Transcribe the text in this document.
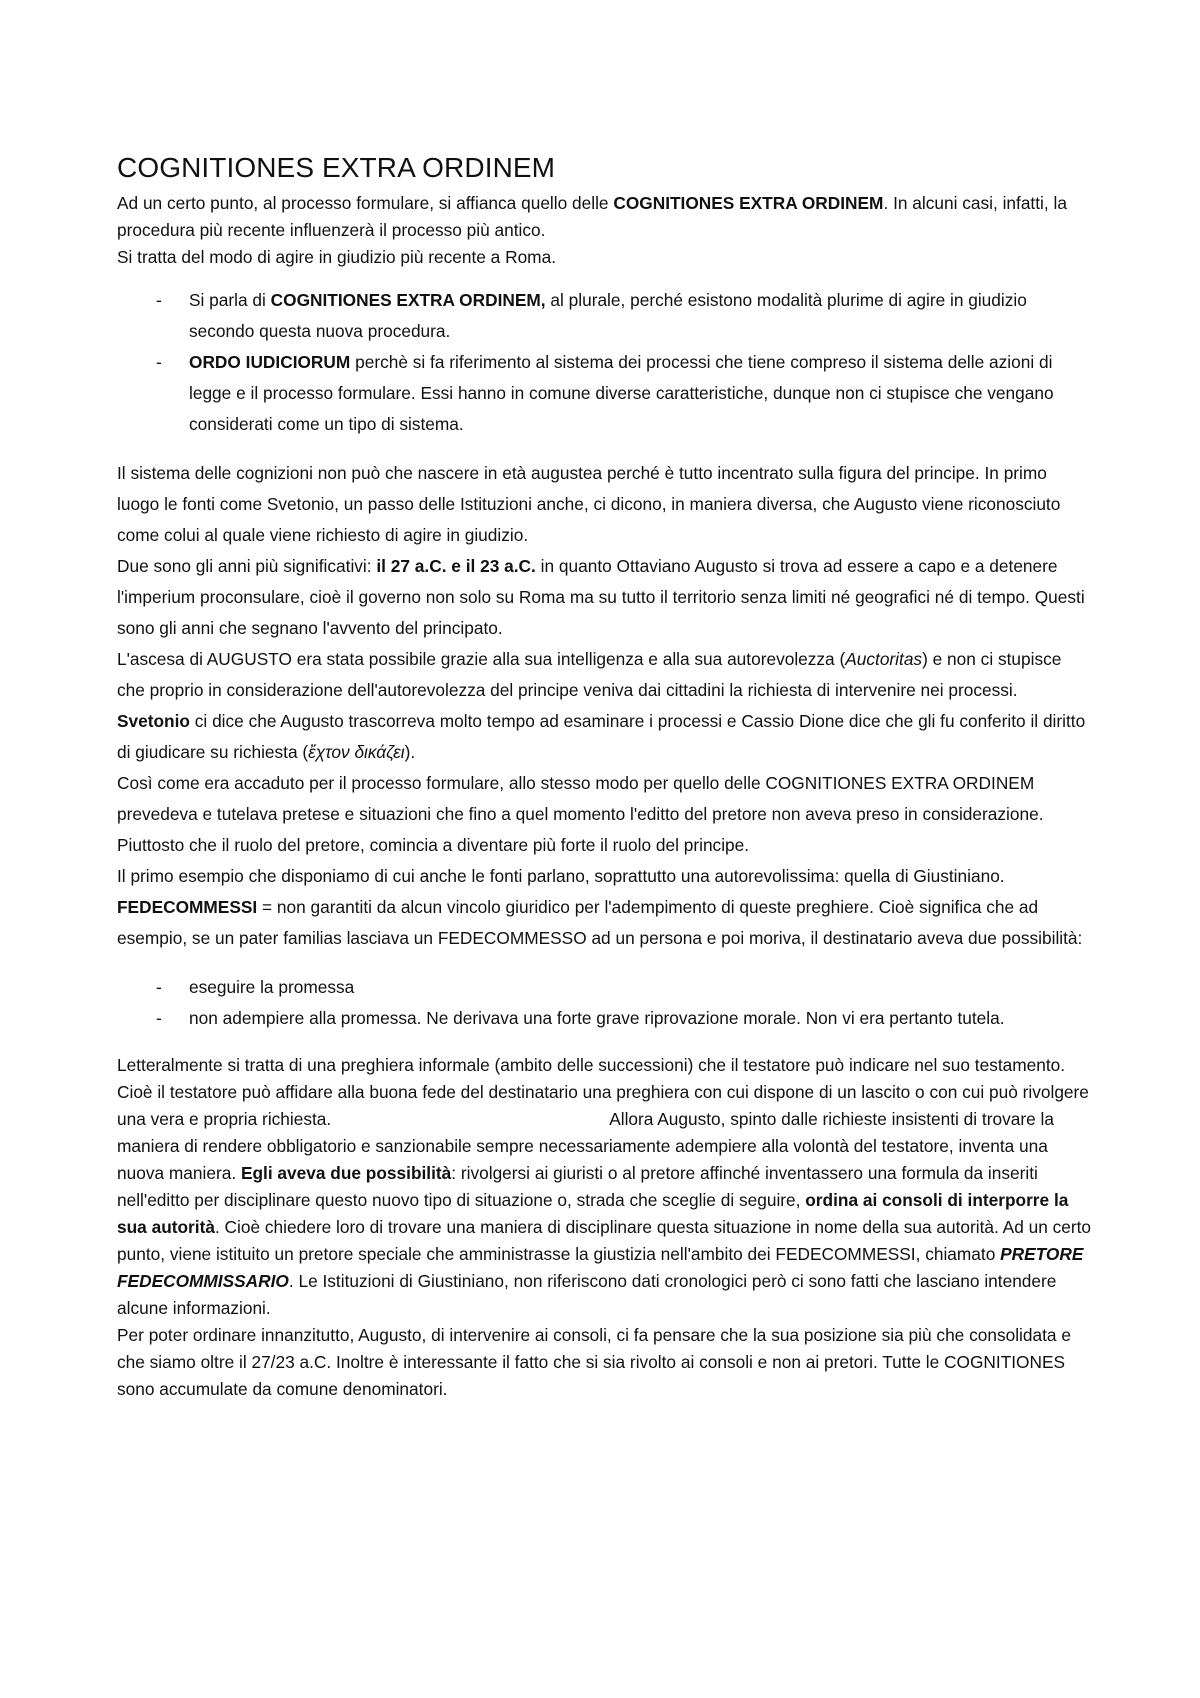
COGNITIONES EXTRA ORDINEM

Ad un certo punto, al processo formulare, si affianca quello delle COGNITIONES EXTRA ORDINEM. In alcuni casi, infatti, la procedura più recente influenzerà il processo più antico.

Si tratta del modo di agire in giudizio più recente a Roma.

- Si parla di COGNITIONES EXTRA ORDINEM, al plurale, perché esistono modalità plurime di agire in giudizio secondo questa nuova procedura.
- ORDO IUDICIORUM perchè si fa riferimento al sistema dei processi che tiene compreso il sistema delle azioni di legge e il processo formulare. Essi hanno in comune diverse caratteristiche, dunque non ci stupisce che vengano considerati come un tipo di sistema.

Il sistema delle cognizioni non può che nascere in età augustea perché è tutto incentrato sulla figura del principe. In primo luogo le fonti come Svetonio, un passo delle Istituzioni anche, ci dicono, in maniera diversa, che Augusto viene riconosciuto come colui al quale viene richiesto di agire in giudizio.

Due sono gli anni più significativi: il 27 a.C. e il 23 a.C. in quanto Ottaviano Augusto si trova ad essere a capo e a detenere l'imperium proconsulare, cioè il governo non solo su Roma ma su tutto il territorio senza limiti né geografici né di tempo. Questi sono gli anni che segnano l'avvento del principato.

L'ascesa di AUGUSTO era stata possibile grazie alla sua intelligenza e alla sua autorevolezza (Auctoritas) e non ci stupisce che proprio in considerazione dell'autorevolezza del principe veniva dai cittadini la richiesta di intervenire nei processi.

Svetonio ci dice che Augusto trascorreva molto tempo ad esaminare i processi e Cassio Dione dice che gli fu conferito il diritto di giudicare su richiesta (ἔχτον δικάζει).

Così come era accaduto per il processo formulare, allo stesso modo per quello delle COGNITIONES EXTRA ORDINEM prevedeva e tutelava pretese e situazioni che fino a quel momento l'editto del pretore non aveva preso in considerazione. Piuttosto che il ruolo del pretore, comincia a diventare più forte il ruolo del principe.

Il primo esempio che disponiamo di cui anche le fonti parlano, soprattutto una autorevolissima: quella di Giustiniano. FEDECOMMESSI = non garantiti da alcun vincolo giuridico per l'adempimento di queste preghiere. Cioè significa che ad esempio, se un pater familias lasciava un FEDECOMMESSO ad un persona e poi moriva, il destinatario aveva due possibilità:

- eseguire la promessa
- non adempiere alla promessa. Ne derivava una forte grave riprovazione morale. Non vi era pertanto tutela.

Letteralmente si tratta di una preghiera informale (ambito delle successioni) che il testatore può indicare nel suo testamento. Cioè il testatore può affidare alla buona fede del destinatario una preghiera con cui dispone di un lascito o con cui può rivolgere una vera e propria richiesta.	Allora Augusto, spinto dalle richieste insistenti di trovare la maniera di rendere obbligatorio e sanzionabile sempre necessariamente adempiere alla volontà del testatore, inventa una nuova maniera. Egli aveva due possibilità: rivolgersi ai giuristi o al pretore affinché inventassero una formula da inseriti nell'editto per disciplinare questo nuovo tipo di situazione o, strada che sceglie di seguire, ordina ai consoli di interporre la sua autorità. Cioè chiedere loro di trovare una maniera di disciplinare questa situazione in nome della sua autorità. Ad un certo punto, viene istituito un pretore speciale che amministrasse la giustizia nell'ambito dei FEDECOMMESSI, chiamato PRETORE FEDECOMMISSARIO. Le Istituzioni di Giustiniano, non riferiscono dati cronologici però ci sono fatti che lasciano intendere alcune informazioni.

Per poter ordinare innanzitutto, Augusto, di intervenire ai consoli, ci fa pensare che la sua posizione sia più che consolidata e che siamo oltre il 27/23 a.C. Inoltre è interessante il fatto che si sia rivolto ai consoli e non ai pretori. Tutte le COGNITIONES sono accumulate da comune denominatori.
